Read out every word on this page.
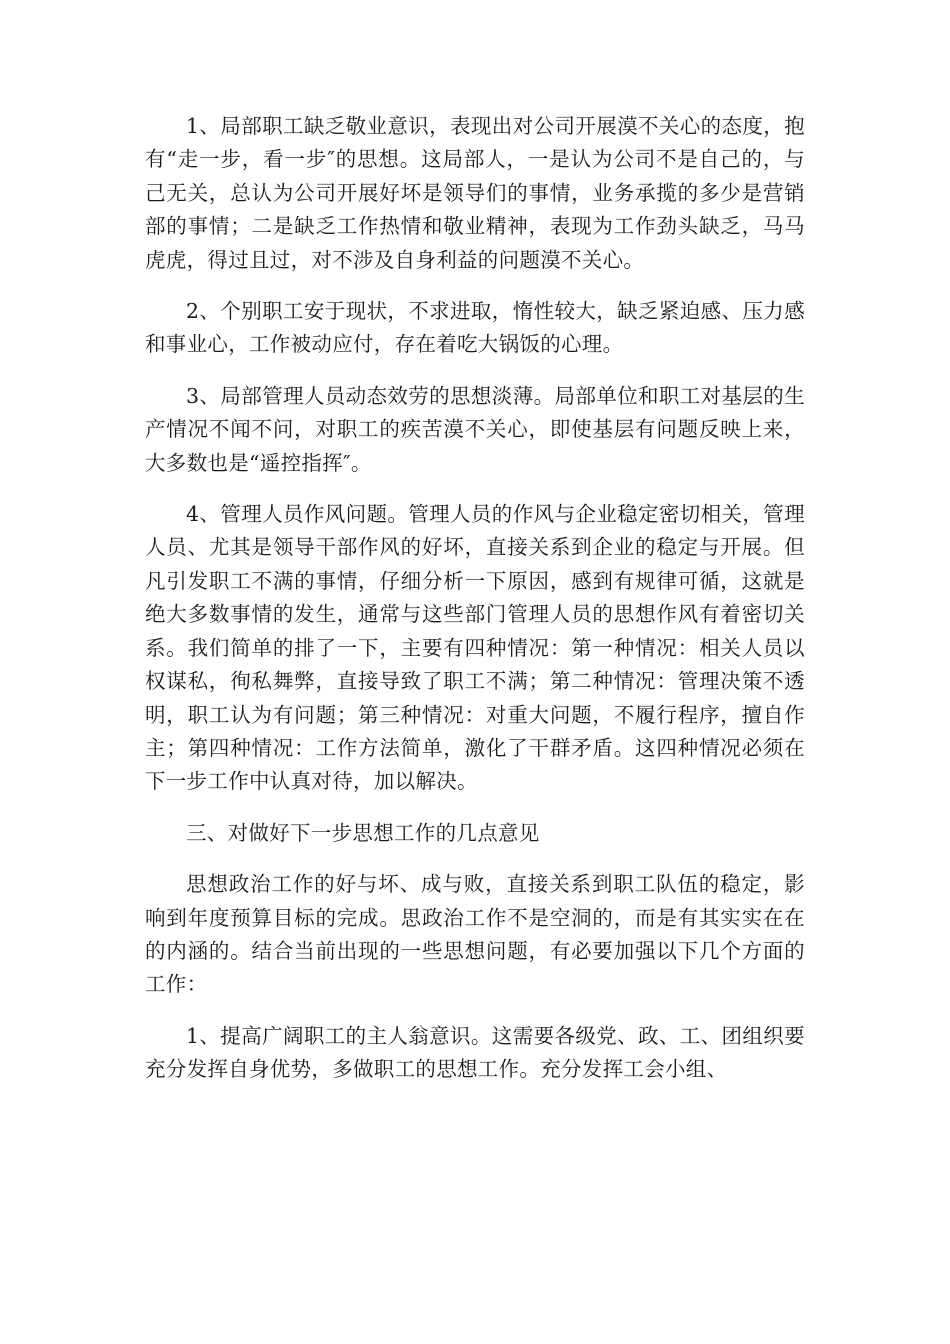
1、局部职工缺乏敬业意识，表现出对公司开展漠不关心的态度，抱有“走一步，看一步″的思想。这局部人，一是认为公司不是自己的，与己无关，总认为公司开展好坏是领导们的事情，业务承揽的多少是营销部的事情；二是缺乏工作热情和敬业精神，表现为工作劲头缺乏，马马虎虎，得过且过，对不涉及自身利益的问题漠不关心。

2、个别职工安于现状，不求进取，惰性较大，缺乏紧迫感、压力感和事业心，工作被动应付，存在着吃大锅饭的心理。

3、局部管理人员动态效劳的思想淡薄。局部单位和职工对基层的生产情况不闻不问，对职工的疾苦漠不关心，即使基层有问题反映上来，大多数也是“遥控指挥″。

4、管理人员作风问题。管理人员的作风与企业稳定密切相关，管理人员、尤其是领导干部作风的好坏，直接关系到企业的稳定与开展。但凡引发职工不满的事情，仔细分析一下原因，感到有规律可循，这就是绝大多数事情的发生，通常与这些部门管理人员的思想作风有着密切关系。我们简单的排了一下，主要有四种情况：第一种情况：相关人员以权谋私，徇私舞弊，直接导致了职工不满；第二种情况：管理决策不透明，职工认为有问题；第三种情况：对重大问题，不履行程序，擅自作主；第四种情况：工作方法简单，激化了干群矛盾。这四种情况必须在下一步工作中认真对待，加以解决。

三、对做好下一步思想工作的几点意见

思想政治工作的好与坏、成与败，直接关系到职工队伍的稳定，影响到年度预算目标的完成。思政治工作不是空洞的，而是有其实实在在的内涵的。结合当前出现的一些思想问题，有必要加强以下几个方面的工作：

1、提高广阔职工的主人翁意识。这需要各级党、政、工、团组织要充分发挥自身优势，多做职工的思想工作。充分发挥工会小组、
